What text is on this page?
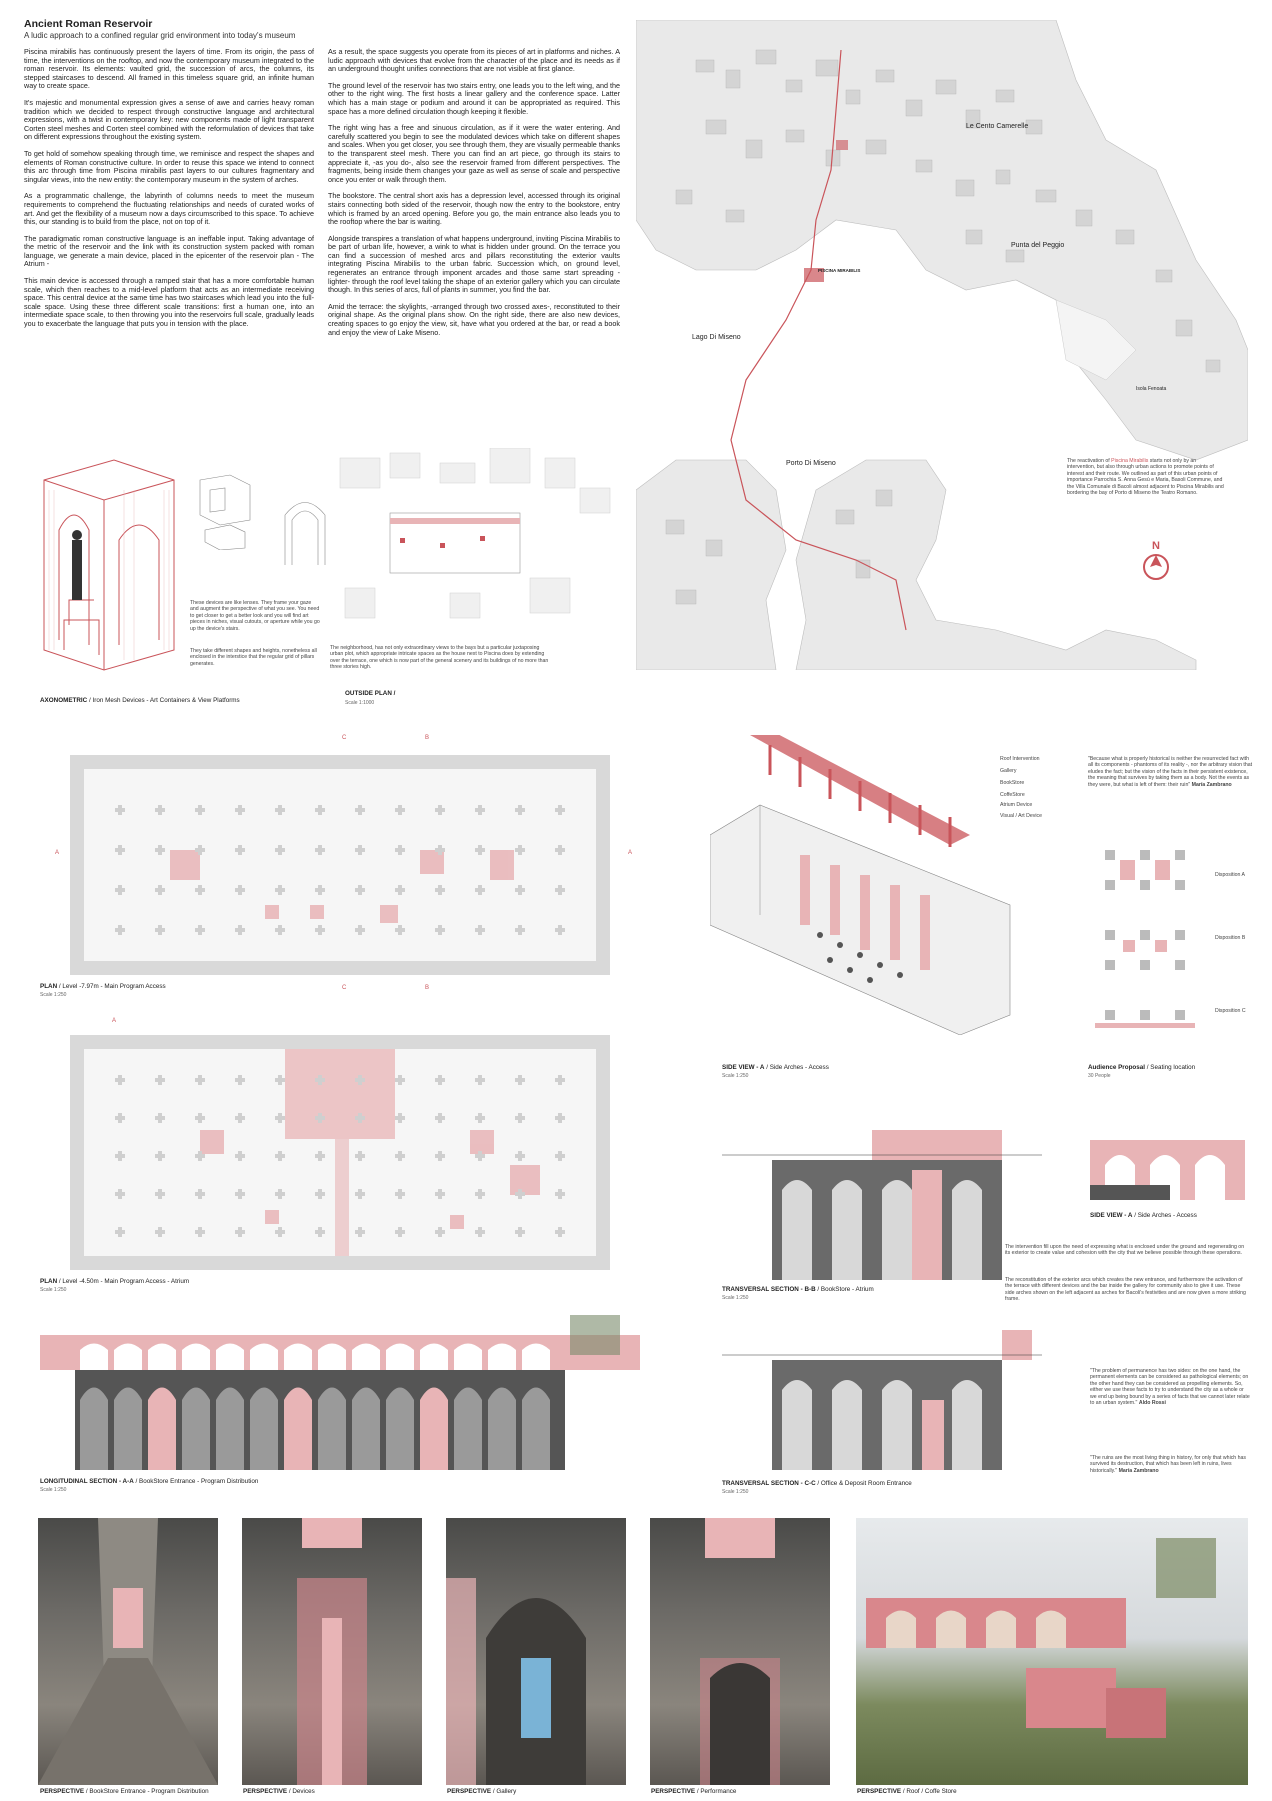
Ancient Roman Reservoir
A ludic approach to a confined regular grid environment into today's museum

Piscina mirabilis has continuously present the layers of time. From its origin, the pass of time, the interventions on the rooftop, and now the contemporary museum integrated to the roman reservoir. Its elements: vaulted grid, the succession of arcs, the columns, its stepped staircases to descend. All framed in this timeless square grid, an infinite human way to create space.

It's majestic and monumental expression gives a sense of awe and carries heavy roman tradition which we decided to respect through constructive language and architectural expressions, with a twist in contemporary key: new components made of light transparent Corten steel meshes and Corten steel combined with the reformulation of devices that take on different expressions throughout the existing system.

To get hold of somehow speaking through time, we reminisce and respect the shapes and elements of Roman constructive culture. In order to reuse this space we intend to connect this arc through time from Piscina mirabilis past layers to our cultures fragmentary and singular views, into the new entity: the contemporary museum in the system of arches.

As a programmatic challenge, the labyrinth of columns needs to meet the museum requirements to comprehend the fluctuating relationships and needs of curated works of art. And get the flexibility of a museum now a days circumscribed to this space. To achieve this, our standing is to build from the place, not on top of it.

The paradigmatic roman constructive language is an ineffable input. Taking advantage of the metric of the reservoir and the link with its construction system packed with roman language, we generate a main device, placed in the epicenter of the reservoir plan - The Atrium -

This main device is accessed through a ramped stair that has a more comfortable human scale, which then reaches to a mid-level platform that acts as an intermediate receiving space. This central device at the same time has two staircases which lead you into the full-scale space. Using these three different scale transitions: first a human one, into an intermediate space scale, to then throwing you into the reservoirs full scale, gradually leads you to exacerbate the language that puts you in tension with the place.

As a result, the space suggests you operate from its pieces of art in platforms and niches. A ludic approach with devices that evolve from the character of the place and its needs as if an underground thought unifies connections that are not visible at first glance.

The ground level of the reservoir has two stairs entry, one leads you to the left wing, and the other to the right wing. The first hosts a linear gallery and the conference space. Latter which has a main stage or podium and around it can be appropriated as required. This space has a more defined circulation though keeping it flexible.

The right wing has a free and sinuous circulation, as if it were the water entering. And carefully scattered you begin to see the modulated devices which take on different shapes and scales. When you get closer, you see through them, they are visually permeable thanks to the transparent steel mesh. There you can find an art piece, go through its stairs to appreciate it, -as you do-, also see the reservoir framed from different perspectives. The fragments, being inside them changes your gaze as well as sense of scale and perspective once you enter or walk through them.

The bookstore. The central short axis has a depression level, accessed through its original stairs connecting both sided of the reservoir, though now the entry to the bookstore, entry which is framed by an arced opening. Before you go, the main entrance also leads you to the rooftop where the bar is waiting.

Alongside transpires a translation of what happens underground, inviting Piscina Mirabilis to be part of urban life, however, a wink to what is hidden under ground. On the terrace you can find a succession of meshed arcs and pillars reconstituting the exterior vaults integrating Piscina Mirabilis to the urban fabric. Succession which, on ground level, regenerates an entrance through imponent arcades and those same start spreading -lighter- through the roof level taking the shape of an exterior gallery which you can circulate though. In this series of arcs, full of plants in summer, you find the bar.

Amid the terrace: the skylights, -arranged through two crossed axes-, reconstituted to their original shape. As the original plans show. On the right side, there are also new devices, creating spaces to go enjoy the view, sit, have what you ordered at the bar, or read a book and enjoy the view of Lake Miseno.

Le Cento Camerelle
Punta del Peggio
Lago Di Miseno
Porto Di Miseno
Isola Fenoata
PISCINA MIRABILIS
The reactivation of Piscina Mirabilis starts not only by an intervention, but also through urban actions to promote points of interest and their route. We outlined as part of this urban points of importance Parrochia S. Anna Gesù e Maria, Basoli Commune, and the Villa Comunale di Bacoli almost adjacent to Piscina Mirabilis and bordering the bay of Porto di Miseno the Teatro Romano.
N
These devices are like lenses. They frame your gaze and augment the perspective of what you see. You need to get closer to get a better look and you will find art pieces in niches, visual cutouts, or aperture while you go up the device's stairs.
They take different shapes and heights, nonetheless all enclosed in the interstice that the regular grid of pillars generates.
AXONOMETRIC / Iron Mesh Devices - Art Containers & View Platforms
The neighborhood, has not only extraordinary views to the bays but a particular juxtaposing urban plot, which appropriate intricate spaces as the house next to Piscina does by extending over the terrace, one which is now part of the general scenery and its buildings of no more than three stories high.
OUTSIDE PLAN /
Scale 1:1000
PLAN / Level -7.97m - Main Program Access
Scale 1:250
A	A
B
C
B
C
A
PLAN / Level -4.50m - Main Program Access - Atrium
Scale 1:250
Roof Intervention
Gallery
BookStore
CoffeStore
Atrium Device
Visual / Art Device
SIDE VIEW - A / Side Arches - Access
Scale 1:250
"Because what is properly historical is neither the resurrected fact with all its components - phantoms of its reality -, nor the arbitrary vision that eludes the fact; but the vision of the facts in their persistent existence, the meaning that survives by taking them as a body. Not the events as they were, but what is left of them: their ruin" María Zambrano
Disposition A
Disposition B
Disposition C
Audience Proposal / Seating location
30 People
TRANSVERSAL SECTION - B-B / BookStore - Atrium
Scale 1:250
SIDE VIEW - A / Side Arches - Access
The intervention fill upon the need of expressing what is enclosed under the ground and regenerating on its exterior to create value and cohesion with the city that we believe possible through these operations.
The reconstitution of the exterior arcs which creates the new entrance, and furthermore the activation of the terrace with different devices and the bar inside the gallery for community also to give it use. These side arches shown on the left adjacent as arches for Bacoli's festivities and are now given a more striking frame.
LONGITUDINAL SECTION - A-A / BookStore Entrance - Program Distribution
Scale 1:250
TRANSVERSAL SECTION - C-C / Office & Deposit Room Entrance
Scale 1:250
"The problem of permanence has two sides: on the one hand, the permanent elements can be considered as pathological elements; on the other hand they can be considered as propelling elements. So, either we use these facts to try to understand the city as a whole or we end up being bound by a series of facts that we cannot later relate to an urban system." Aldo Rossi
"The ruins are the most living thing in history, for only that which has survived its destruction, that which has been left in ruins, lives historically." María Zambrano
PERSPECTIVE / BookStore Entrance - Program Distribution	PERSPECTIVE / Devices	PERSPECTIVE / Gallery	PERSPECTIVE / Performance	PERSPECTIVE / Roof / Coffe Store
